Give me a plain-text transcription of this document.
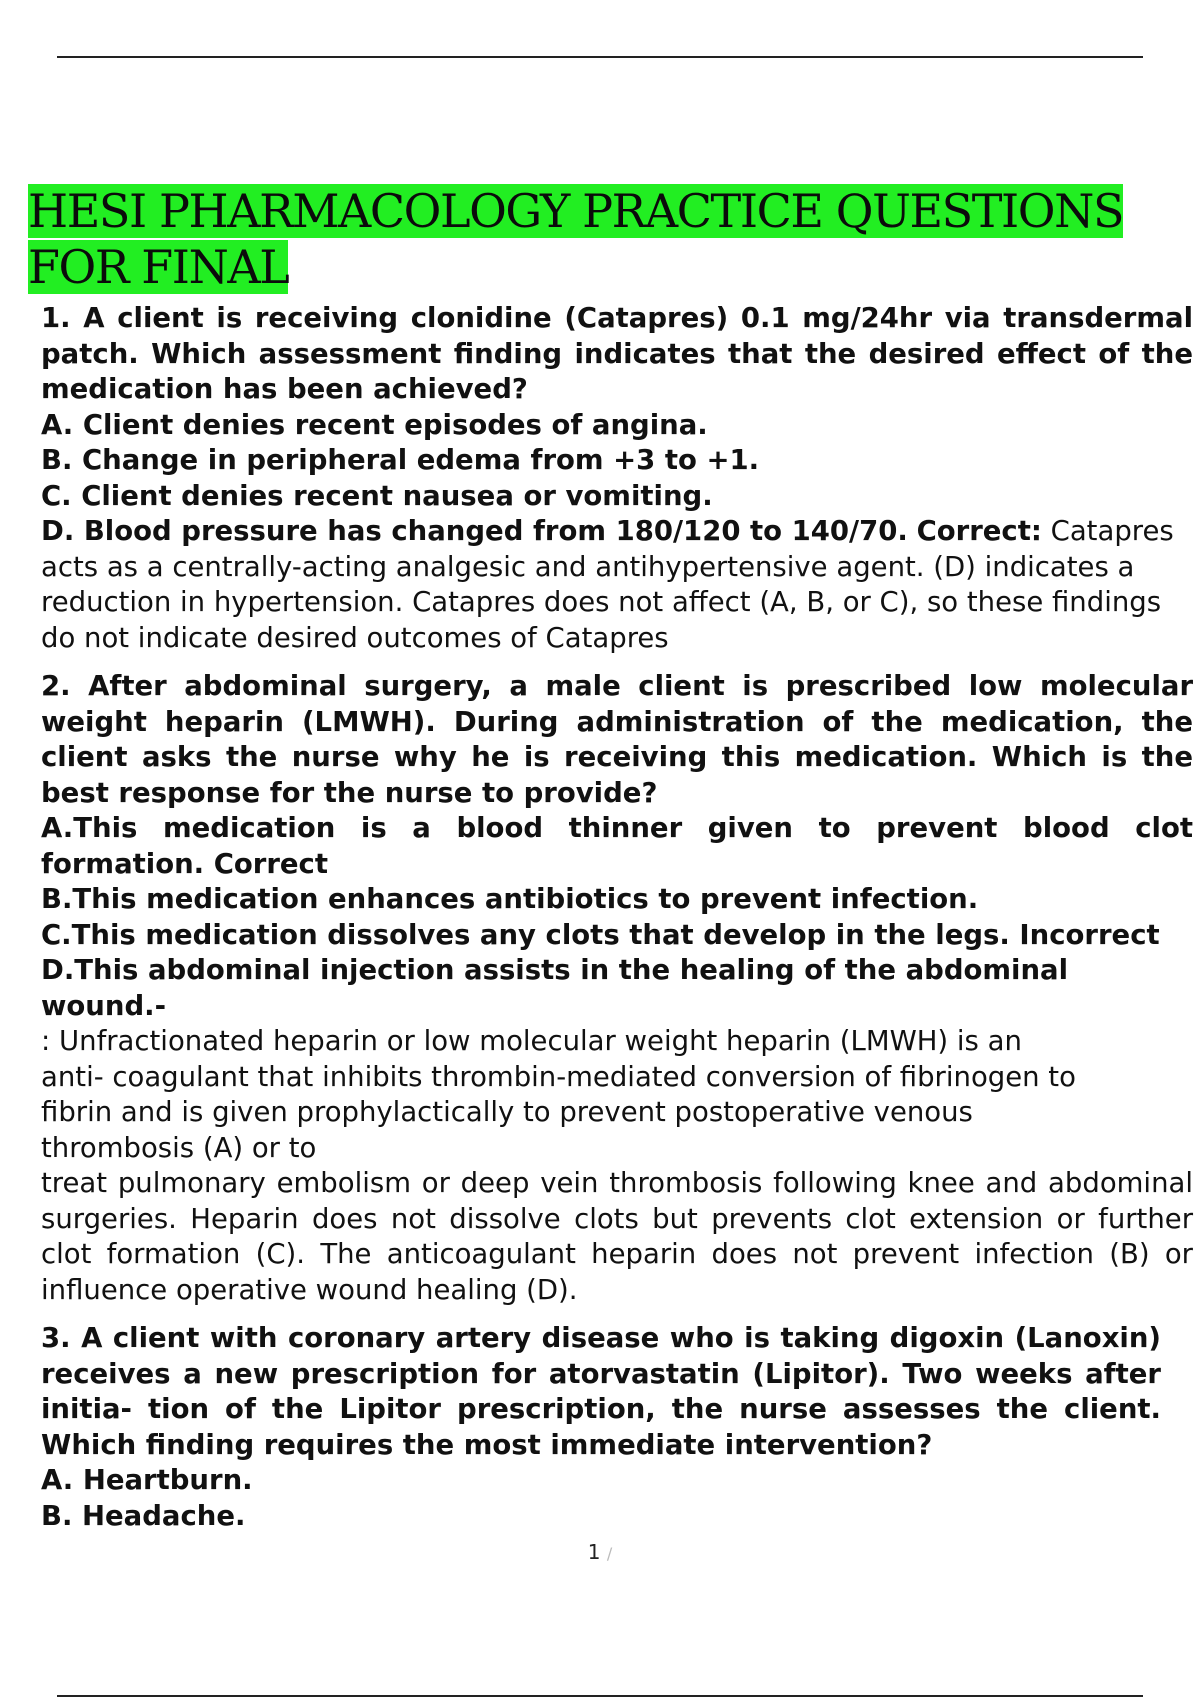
HESI PHARMACOLOGY PRACTICE QUESTIONS FOR FINAL
1. A client is receiving clonidine (Catapres) 0.1 mg/24hr via transdermal patch. Which assessment finding indicates that the desired effect of the medication has been achieved?
A. Client denies recent episodes of angina.
B. Change in peripheral edema from +3 to +1.
C. Client denies recent nausea or vomiting.
D. Blood pressure has changed from 180/120 to 140/70. Correct: Catapres acts as a centrally-acting analgesic and antihypertensive agent. (D) indicates a reduction in hypertension. Catapres does not affect (A, B, or C), so these findings do not indicate desired outcomes of Catapres
2. After abdominal surgery, a male client is prescribed low molecular weight heparin (LMWH). During administration of the medication, the client asks the nurse why he is receiving this medication. Which is the best response for the nurse to provide?
A.This medication is a blood thinner given to prevent blood clot formation. Correct
B.This medication enhances antibiotics to prevent infection.
C.This medication dissolves any clots that develop in the legs. Incorrect
D.This abdominal injection assists in the healing of the abdominal wound.-
: Unfractionated heparin or low molecular weight heparin (LMWH) is an anti- coagulant that inhibits thrombin-mediated conversion of fibrinogen to fibrin and is given prophylactically to prevent postoperative venous thrombosis (A) or to
treat pulmonary embolism or deep vein thrombosis following knee and abdominal surgeries. Heparin does not dissolve clots but prevents clot extension or further clot formation (C). The anticoagulant heparin does not prevent infection (B) or influence operative wound healing (D).
3. A client with coronary artery disease who is taking digoxin (Lanoxin) receives a new prescription for atorvastatin (Lipitor). Two weeks after initia- tion of the Lipitor prescription, the nurse assesses the client. Which finding requires the most immediate intervention?
A. Heartburn.
B. Headache.
1 /
